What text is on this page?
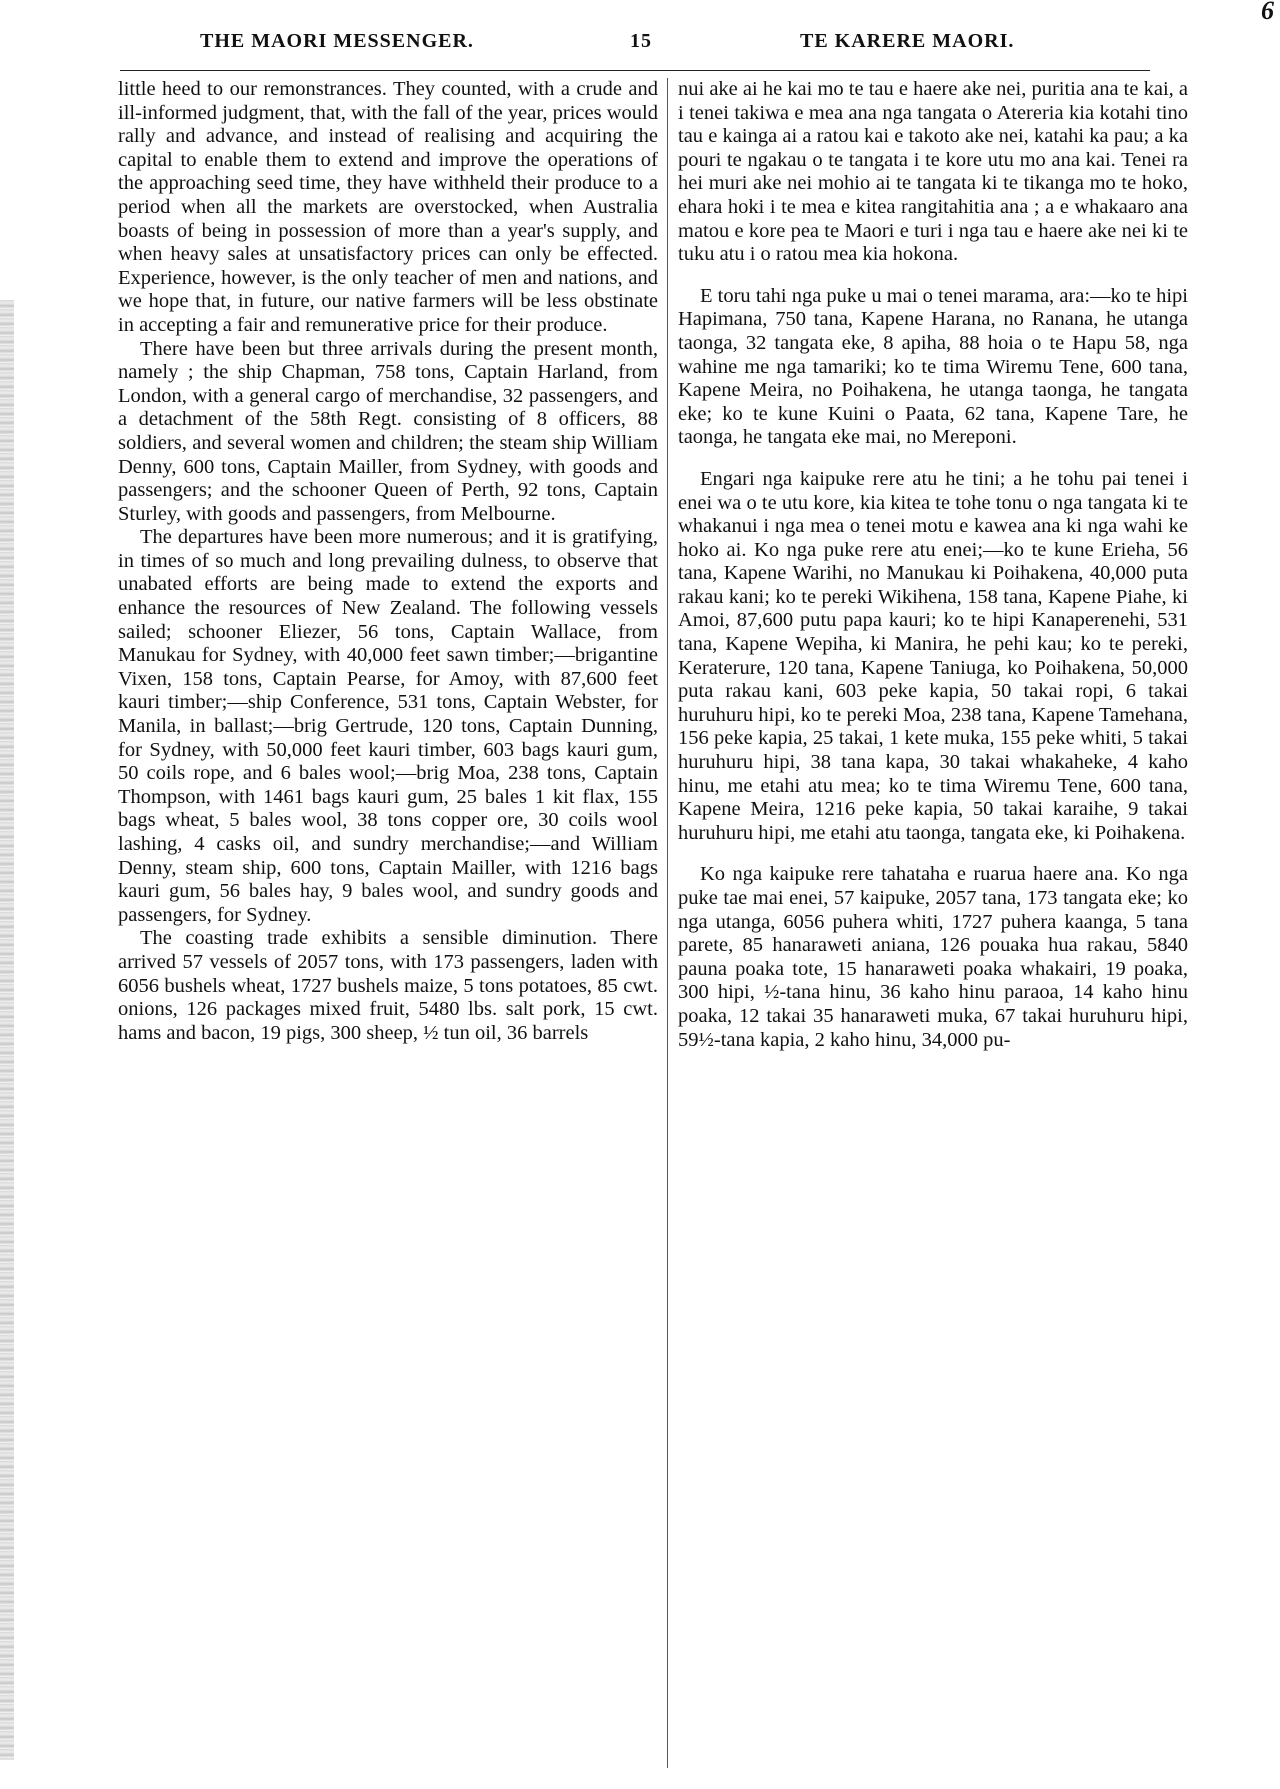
THE MAORI MESSENGER.	15	TE KARERE MAORI.
6

little heed to our remonstrances. They counted, with a crude and ill-informed judgment, that, with the fall of the year, prices would rally and advance, and instead of realising and acquiring the capital to enable them to extend and improve the operations of the approaching seed time, they have withheld their produce to a period when all the markets are overstocked, when Australia boasts of being in possession of more than a year's supply, and when heavy sales at unsatisfactory prices can only be effected. Experience, however, is the only teacher of men and nations, and we hope that, in future, our native farmers will be less obstinate in accepting a fair and remunerative price for their produce.

There have been but three arrivals during the present month, namely ; the ship Chapman, 758 tons, Captain Harland, from London, with a general cargo of merchandise, 32 passengers, and a detachment of the 58th Regt. consisting of 8 officers, 88 soldiers, and several women and children; the steam ship William Denny, 600 tons, Captain Mailler, from Sydney, with goods and passengers; and the schooner Queen of Perth, 92 tons, Captain Sturley, with goods and passengers, from Melbourne.

The departures have been more numerous; and it is gratifying, in times of so much and long prevailing dulness, to observe that unabated efforts are being made to extend the exports and enhance the resources of New Zealand. The following vessels sailed; schooner Eliezer, 56 tons, Captain Wallace, from Manukau for Sydney, with 40,000 feet sawn timber;—brigantine Vixen, 158 tons, Captain Pearse, for Amoy, with 87,600 feet kauri timber;—ship Conference, 531 tons, Captain Webster, for Manila, in ballast;—brig Gertrude, 120 tons, Captain Dunning, for Sydney, with 50,000 feet kauri timber, 603 bags kauri gum, 50 coils rope, and 6 bales wool;—brig Moa, 238 tons, Captain Thompson, with 1461 bags kauri gum, 25 bales 1 kit flax, 155 bags wheat, 5 bales wool, 38 tons copper ore, 30 coils wool lashing, 4 casks oil, and sundry merchandise;—and William Denny, steam ship, 600 tons, Captain Mailler, with 1216 bags kauri gum, 56 bales hay, 9 bales wool, and sundry goods and passengers, for Sydney.

The coasting trade exhibits a sensible diminution. There arrived 57 vessels of 2057 tons, with 173 passengers, laden with 6056 bushels wheat, 1727 bushels maize, 5 tons potatoes, 85 cwt. onions, 126 packages mixed fruit, 5480 lbs. salt pork, 15 cwt. hams and bacon, 19 pigs, 300 sheep, ½ tun oil, 36 barrels

nui ake ai he kai mo te tau e haere ake nei, puritia ana te kai, a i tenei takiwa e mea ana nga tangata o Atereria kia kotahi tino tau e kainga ai a ratou kai e takoto ake nei, katahi ka pau; a ka pouri te ngakau o te tangata i te kore utu mo ana kai. Tenei ra hei muri ake nei mohio ai te tangata ki te tikanga mo te hoko, ehara hoki i te mea e kitea rangitahitia ana ; a e whakaaro ana matou e kore pea te Maori e turi i nga tau e haere ake nei ki te tuku atu i o ratou mea kia hokona.

E toru tahi nga puke u mai o tenei marama, ara:—ko te hipi Hapimana, 750 tana, Kapene Harana, no Ranana, he utanga taonga, 32 tangata eke, 8 apiha, 88 hoia o te Hapu 58, nga wahine me nga tamariki; ko te tima Wiremu Tene, 600 tana, Kapene Meira, no Poihakena, he utanga taonga, he tangata eke; ko te kune Kuini o Paata, 62 tana, Kapene Tare, he taonga, he tangata eke mai, no Mereponi.

Engari nga kaipuke rere atu he tini; a he tohu pai tenei i enei wa o te utu kore, kia kitea te tohe tonu o nga tangata ki te whakanui i nga mea o tenei motu e kawea ana ki nga wahi ke hoko ai. Ko nga puke rere atu enei;—ko te kune Erieha, 56 tana, Kapene Warihi, no Manukau ki Poihakena, 40,000 puta rakau kani; ko te pereki Wikihena, 158 tana, Kapene Piahe, ki Amoi, 87,600 putu papa kauri; ko te hipi Kanaperenehi, 531 tana, Kapene Wepiha, ki Manira, he pehi kau; ko te pereki, Keraterure, 120 tana, Kapene Taniuga, ko Poihakena, 50,000 puta rakau kani, 603 peke kapia, 50 takai ropi, 6 takai huruhuru hipi, ko te pereki Moa, 238 tana, Kapene Tamehana, 156 peke kapia, 25 takai, 1 kete muka, 155 peke whiti, 5 takai huruhuru hipi, 38 tana kapa, 30 takai whakaheke, 4 kaho hinu, me etahi atu mea; ko te tima Wiremu Tene, 600 tana, Kapene Meira, 1216 peke kapia, 50 takai karaihe, 9 takai huruhuru hipi, me etahi atu taonga, tangata eke, ki Poihakena.

Ko nga kaipuke rere tahataha e ruarua haere ana. Ko nga puke tae mai enei, 57 kaipuke, 2057 tana, 173 tangata eke; ko nga utanga, 6056 puhera whiti, 1727 puhera kaanga, 5 tana parete, 85 hanaraweti aniana, 126 pouaka hua rakau, 5840 pauna poaka tote, 15 hanaraweti poaka whakairi, 19 poaka, 300 hipi, ½-tana hinu, 36 kaho hinu paraoa, 14 kaho hinu poaka, 12 takai 35 hanaraweti muka, 67 takai huruhuru hipi, 59½-tana kapia, 2 kaho hinu, 34,000 pu-
